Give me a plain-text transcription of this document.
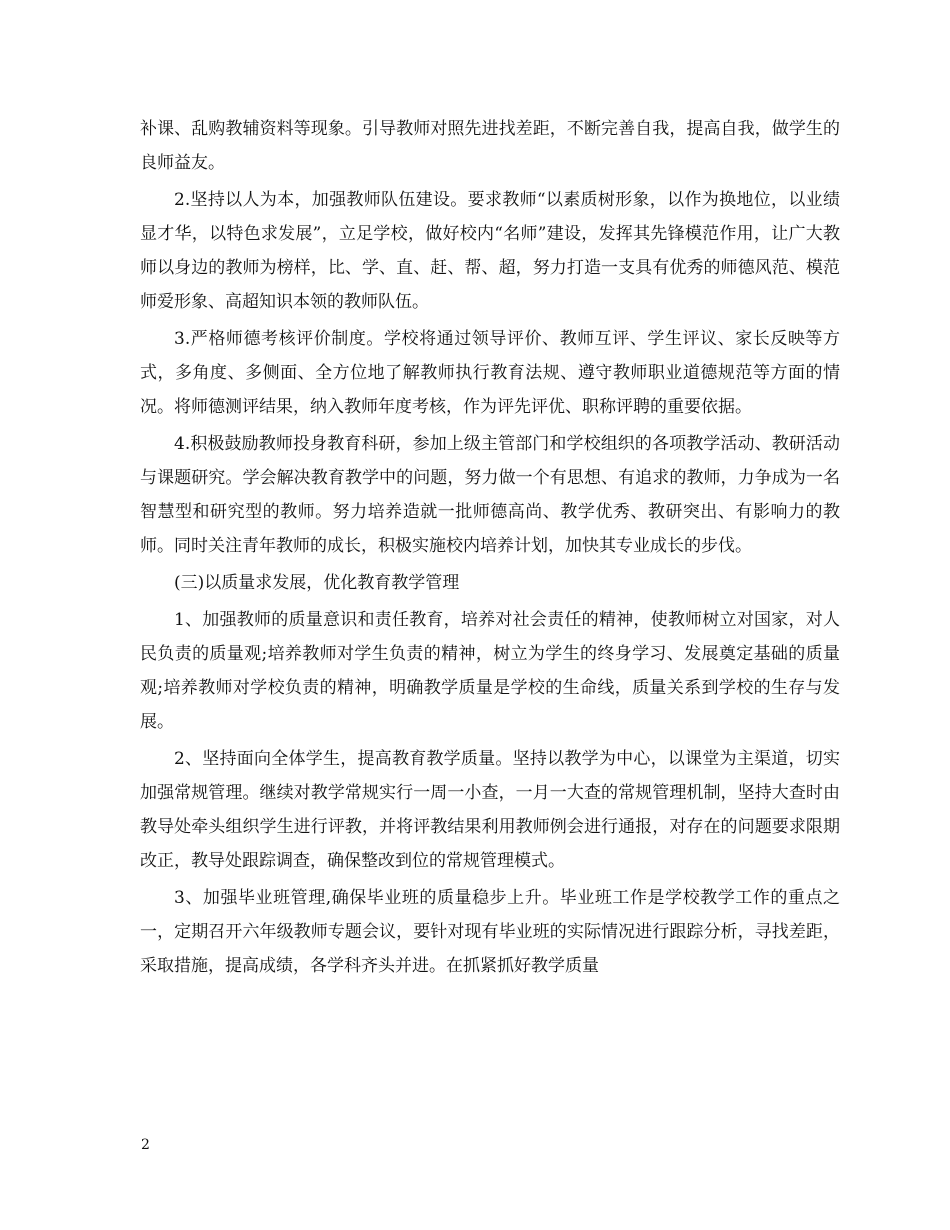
补课、乱购教辅资料等现象。引导教师对照先进找差距，不断完善自我，提高自我，做学生的良师益友。

2.坚持以人为本，加强教师队伍建设。要求教师“以素质树形象，以作为换地位，以业绩显才华，以特色求发展”，立足学校，做好校内“名师”建设，发挥其先锋模范作用，让广大教师以身边的教师为榜样，比、学、直、赶、帮、超，努力打造一支具有优秀的师德风范、模范师爱形象、高超知识本领的教师队伍。

3.严格师德考核评价制度。学校将通过领导评价、教师互评、学生评议、家长反映等方式，多角度、多侧面、全方位地了解教师执行教育法规、遵守教师职业道德规范等方面的情况。将师德测评结果，纳入教师年度考核，作为评先评优、职称评聘的重要依据。

4.积极鼓励教师投身教育科研，参加上级主管部门和学校组织的各项教学活动、教研活动与课题研究。学会解决教育教学中的问题，努力做一个有思想、有追求的教师，力争成为一名智慧型和研究型的教师。努力培养造就一批师德高尚、教学优秀、教研突出、有影响力的教师。同时关注青年教师的成长，积极实施校内培养计划，加快其专业成长的步伐。

(三)以质量求发展，优化教育教学管理

1、加强教师的质量意识和责任教育，培养对社会责任的精神，使教师树立对国家，对人民负责的质量观;培养教师对学生负责的精神，树立为学生的终身学习、发展奠定基础的质量观;培养教师对学校负责的精神，明确教学质量是学校的生命线，质量关系到学校的生存与发展。

2、坚持面向全体学生，提高教育教学质量。坚持以教学为中心，以课堂为主渠道，切实加强常规管理。继续对教学常规实行一周一小查，一月一大查的常规管理机制，坚持大查时由教导处牵头组织学生进行评教，并将评教结果利用教师例会进行通报，对存在的问题要求限期改正，教导处跟踪调查，确保整改到位的常规管理模式。

3、加强毕业班管理,确保毕业班的质量稳步上升。毕业班工作是学校教学工作的重点之一，定期召开六年级教师专题会议，要针对现有毕业班的实际情况进行跟踪分析，寻找差距，采取措施，提高成绩，各学科齐头并进。在抓紧抓好教学质量

2
